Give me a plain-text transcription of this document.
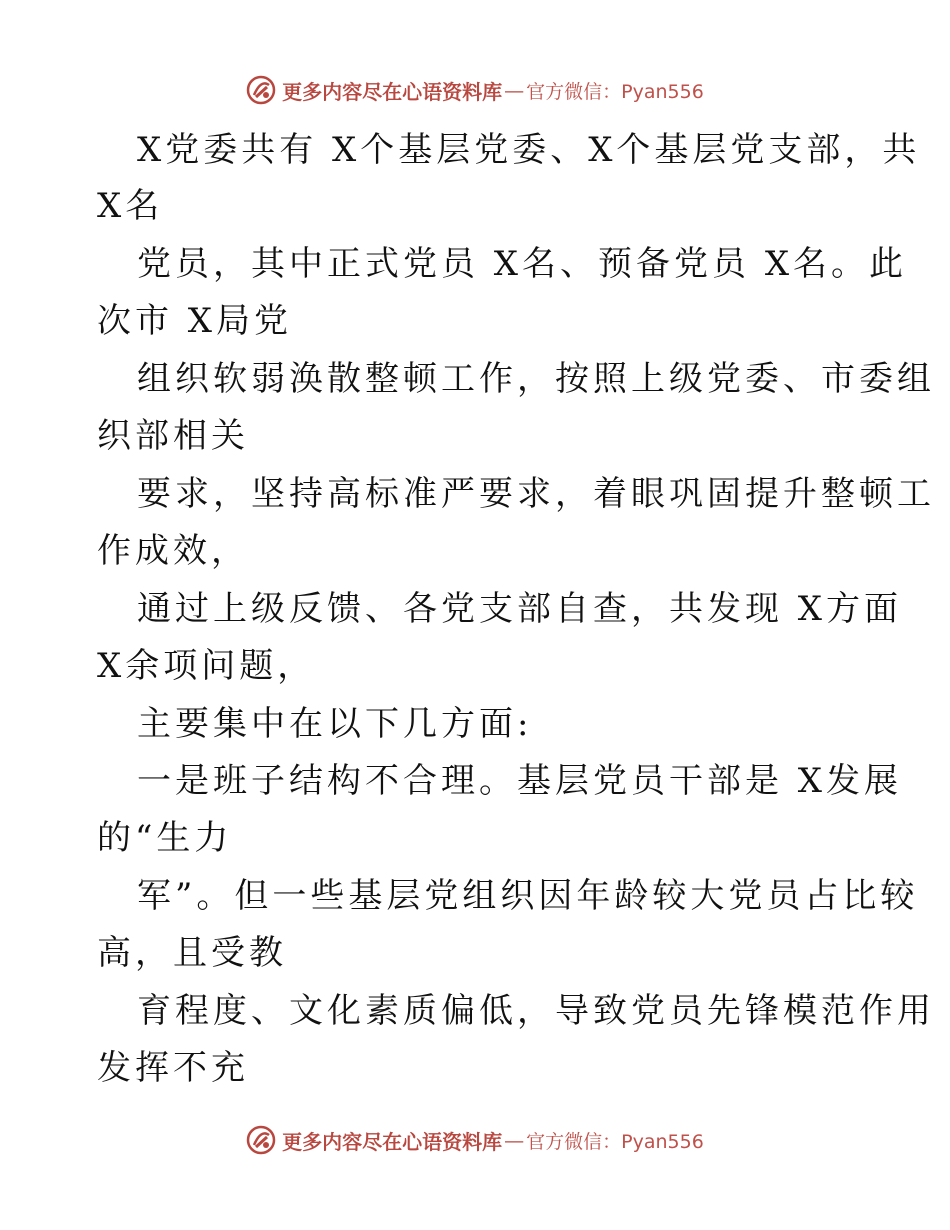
更多内容尽在心语资料库 — 官方微信：Pyan556
X党委共有 X个基层党委、X个基层党支部，共
X名
党员，其中正式党员 X名、预备党员 X名。此
次市 X局党
组织软弱涣散整顿工作，按照上级党委、市委组
织部相关
要求，坚持高标准严要求，着眼巩固提升整顿工
作成效，
通过上级反馈、各党支部自查，共发现 X方面
X余项问题，
主要集中在以下几方面:
一是班子结构不合理。基层党员干部是 X发展
的“生力
军”。但一些基层党组织因年龄较大党员占比较
高，且受教
育程度、文化素质偏低，导致党员先锋模范作用
发挥不充
更多内容尽在心语资料库 — 官方微信：Pyan556
